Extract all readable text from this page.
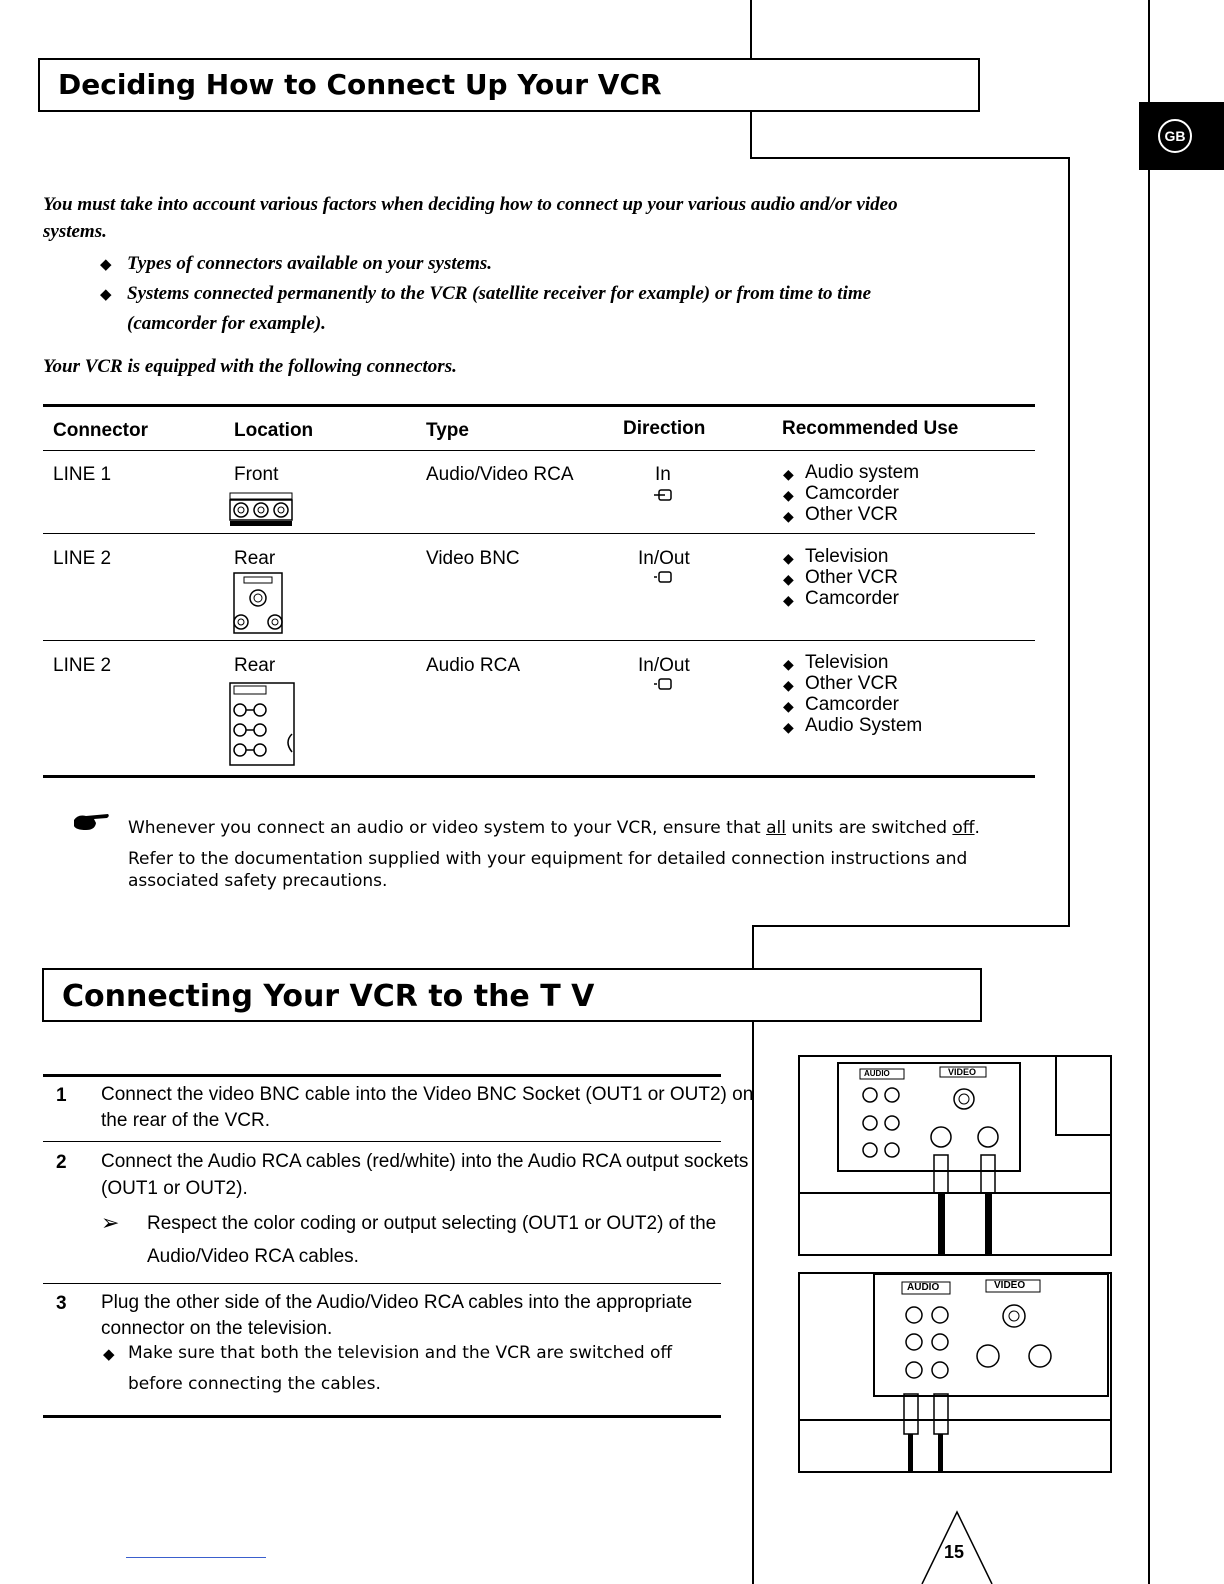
GB
Deciding How to Connect Up Your VCR
You must take into account various factors when deciding how to connect up your various audio and/or video
systems.
◆ Types of connectors available on your systems.
◆ Systems connected permanently to the VCR (satellite receiver for example) or from time to time
(camcorder for example).
Your VCR is equipped with the following connectors.
Connector	Location	Type	Direction	Recommended Use
LINE 1	Front	Audio/Video RCA	In	◆ Audio system
◆ Camcorder
◆ Other VCR
LINE 2	Rear	Video BNC	In/Out	◆ Television
◆ Other VCR
◆ Camcorder
LINE 2	Rear	Audio RCA	In/Out	◆ Television
◆ Other VCR
◆ Camcorder
◆ Audio System
Whenever you connect an audio or video system to your VCR, ensure that all units are switched off.
Refer to the documentation supplied with your equipment for detailed connection instructions and
associated safety precautions.
Connecting Your VCR to the T V
1 Connect the video BNC cable into the Video BNC Socket (OUT1 or OUT2) on
the rear of the VCR.
2 Connect the Audio RCA cables (red/white) into the Audio RCA output sockets
(OUT1 or OUT2).
➢ Respect the color coding or output selecting (OUT1 or OUT2) of the
Audio/Video RCA cables.
3 Plug the other side of the Audio/Video RCA cables into the appropriate
connector on the television.
◆ Make sure that both the television and the VCR are switched off
before connecting the cables.
AUDIO	VIDEO
AUDIO	VIDEO
15
